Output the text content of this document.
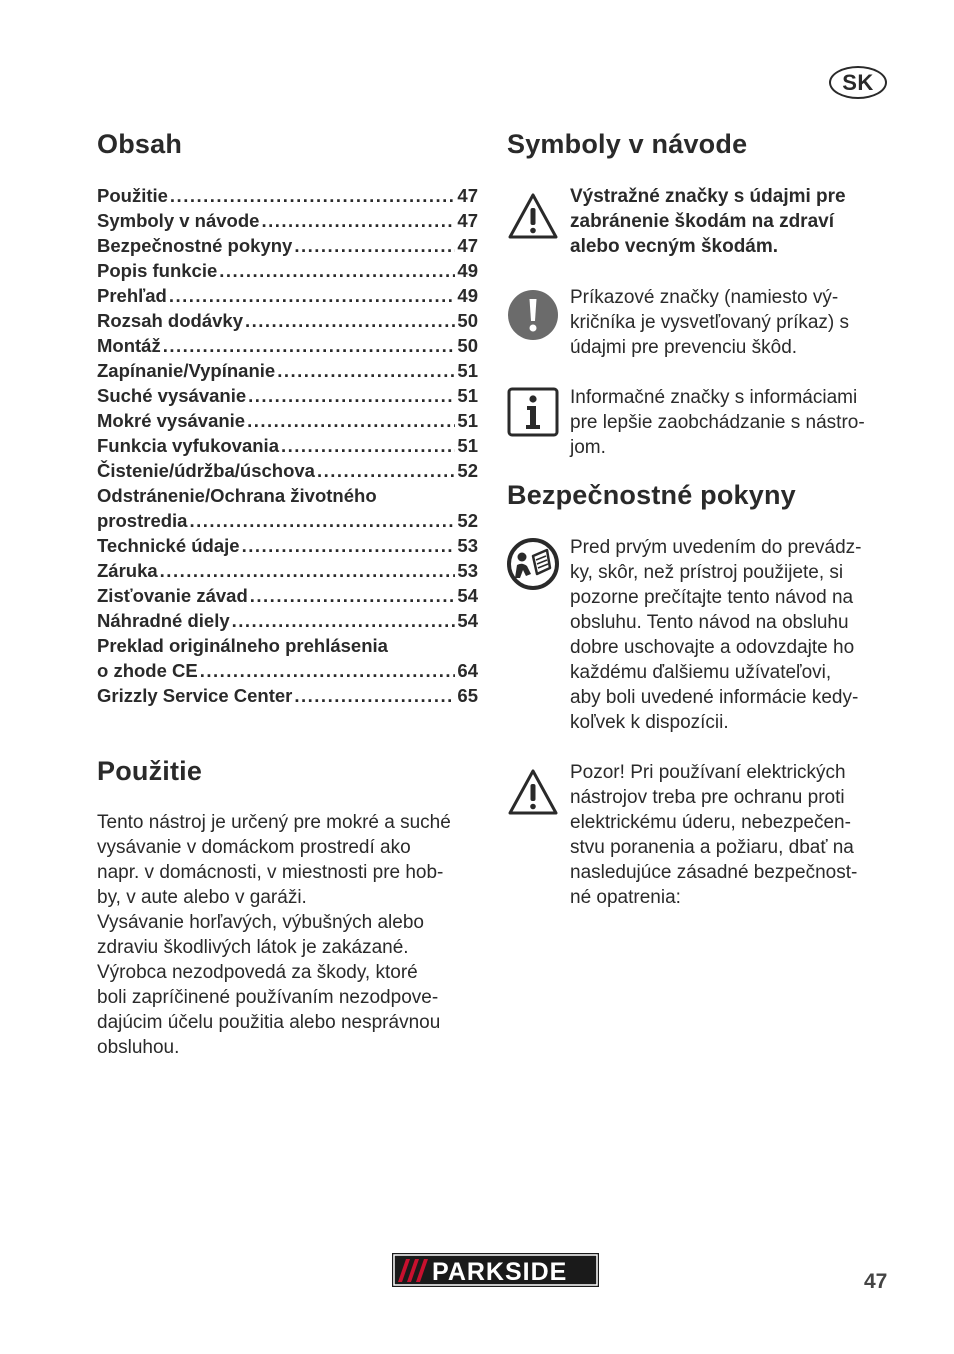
SK
Obsah
Použitie .....	47
Symboly v návode .....	47
Bezpečnostné pokyny .....	47
Popis funkcie .....	49
Prehľad .....	49
Rozsah dodávky .....	50
Montáž .....	50
Zapínanie/Vypínanie .....	51
Suché vysávanie .....	51
Mokré vysávanie .....	51
Funkcia vyfukovania .....	51
Čistenie/údržba/úschova .....	52
Odstránenie/Ochrana životného
prostredia .....	52
Technické údaje .....	53
Záruka .....	53
Zisťovanie závad .....	54
Náhradné diely .....	54
Preklad originálneho prehlásenia
o zhode CE .....	64
Grizzly Service Center .....	65
Použitie
Tento nástroj je určený pre mokré a suché
vysávanie v domáckom prostredí ako
napr. v domácnosti, v miestnosti pre hob-
by, v aute alebo v garáži.
Vysávanie horľavých, výbušných alebo
zdraviu škodlivých látok je zakázané.
Výrobca nezodpovedá za škody, ktoré
boli zapríčinené používaním nezodpove-
dajúcim účelu použitia alebo nesprávnou
obsluhou.
Symboly v návode
Výstražné značky s údajmi pre
zabránenie škodám na zdraví
alebo vecným škodám.
Príkazové značky (namiesto vý-
kričníka je vysvetľovaný príkaz) s
údajmi pre prevenciu škôd.
Informačné značky s informáciami
pre lepšie zaobchádzanie s nástro-
jom.
Bezpečnostné pokyny
Pred prvým uvedením do prevádz-
ky, skôr, než prístroj použijete, si
pozorne prečítajte tento návod na
obsluhu. Tento návod na obsluhu
dobre uschovajte a odovzdajte ho
každému ďalšiemu užívateľovi,
aby boli uvedené informácie kedy-
koľvek k dispozícii.
Pozor! Pri používaní elektrických
nástrojov treba pre ochranu proti
elektrickému úderu, nebezpečen-
stvu poranenia a požiaru, dbať na
nasledujúce zásadné bezpečnost-
né opatrenia:
PARKSIDE	47
